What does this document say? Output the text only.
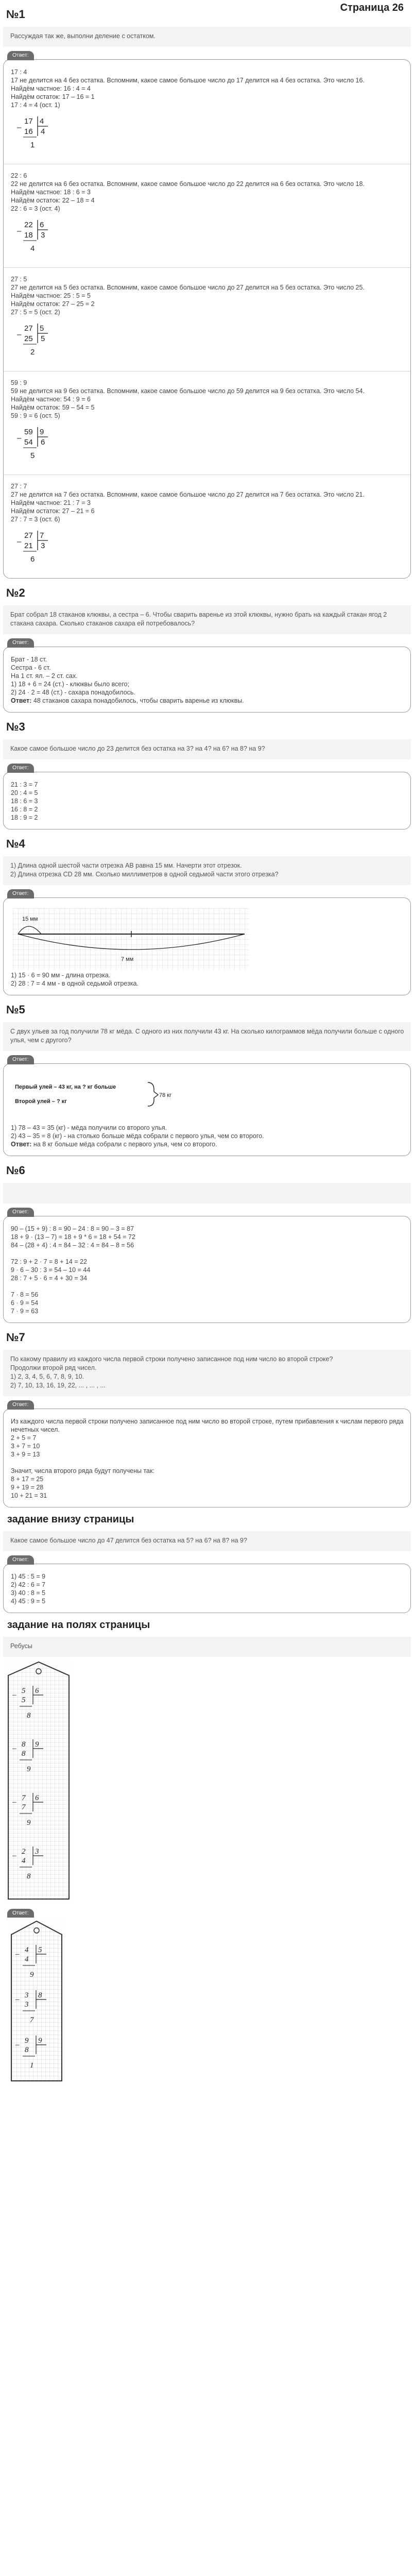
Страница 26
№1
Рассуждая так же, выполни деление с остатком.
Ответ:
17 : 4
17 не делится на 4 без остатка. Вспомним, какое самое большое число до 17 делится на 4 без остатка. Это число 16.
Найдём частное: 16 : 4 = 4
Найдём остаток: 17 – 16 = 1
17 : 4 = 4 (ост. 1)
–
17
16
4
4
1
22 : 6
22 не делится на 6 без остатка. Вспомним, какое самое большое число до 22 делится на 6 без остатка. Это число 18.
Найдём частное: 18 : 6 = 3
Найдём остаток: 22 – 18 = 4
22 : 6 = 3 (ост. 4)
–
22
18
6
3
4
27 : 5
27 не делится на 5 без остатка. Вспомним, какое самое большое число до 27 делится на 5 без остатка. Это число 25.
Найдём частное: 25 : 5 = 5
Найдём остаток: 27 – 25 = 2
27 : 5 = 5 (ост. 2)
–
27
25
5
5
2
59 : 9
59 не делится на 9 без остатка. Вспомним, какое самое большое число до 59 делится на 9 без остатка. Это число 54.
Найдём частное: 54 : 9 = 6
Найдём остаток: 59 – 54 = 5
59 : 9 = 6 (ост. 5)
–
59
54
9
6
5
27 : 7
27 не делится на 7 без остатка. Вспомним, какое самое большое число до 27 делится на 7 без остатка. Это число 21.
Найдём частное: 21 : 7 = 3
Найдём остаток: 27 – 21 = 6
27 : 7 = 3 (ост. 6)
–
27
21
7
3
6
№2
Брат собрал 18 стаканов клюквы, а сестра – 6. Чтобы сварить варенье из этой клюквы, нужно брать на каждый стакан ягод 2 стакана сахара. Сколько стаканов сахара ей потребовалось?
Ответ:
Брат - 18 ст.
Сестра - 6 ст.
На 1 ст. ял. – 2 ст. сах.
1) 18 + 6 = 24 (ст.) - клюквы было всего;
2) 24 · 2 = 48 (ст.) - сахара понадобилось.
Ответ: 48 стаканов сахара понадобилось, чтобы сварить варенье из клюквы.
№3
Какое самое большое число до 23 делится без остатка на 3? на 4? на 6? на 8? на 9?
Ответ:
21 : 3 = 7
20 : 4 = 5
18 : 6 = 3
16 : 8 = 2
18 : 9 = 2
№4
1) Длина одной шестой части отрезка АВ равна 15 мм. Начерти этот отрезок.
2) Длина отрезка CD 28 мм. Сколько миллиметров в одной седьмой части этого отрезка?
Ответ:
15 мм
7 мм
1) 15 · 6 = 90 мм - длина отрезка.
2) 28 : 7 = 4 мм - в одной седьмой отрезка.
№5
С двух ульев за год получили 78 кг мёда. С одного из них получили 43 кг. На сколько килограммов мёда получили больше с одного улья, чем с другого?
Ответ:
Первый улей – 43 кг, на ? кг больше
Второй улей – ? кг
78 кг
1) 78 – 43 = 35 (кг) - мёда получили со второго улья.
2) 43 – 35 = 8 (кг) - на столько больше мёда собрали с первого улья, чем со второго.
Ответ: на 8 кг больше мёда собрали с первого улья, чем со второго.
№6
Ответ:
90 – (15 + 9) : 8 = 90 – 24 : 8 = 90 – 3 = 87
18 + 9 · (13 – 7) = 18 + 9 * 6 = 18 + 54 = 72
84 – (28 + 4) : 4 = 84 – 32 : 4 = 84 – 8 = 56
72 : 9 + 2 · 7 = 8 + 14 = 22
9 · 6 – 30 : 3 = 54 – 10 = 44
28 : 7 + 5 · 6 = 4 + 30 = 34
7 · 8 = 56
6 · 9 = 54
7 · 9 = 63
№7
По какому правилу из каждого числа первой строки получено записанное под ним число во второй строке?
Продолжи второй ряд чисел.
1) 2, 3, 4, 5, 6, 7, 8, 9, 10.
2) 7, 10, 13, 16, 19, 22, ... , ... , ...
Ответ:
Из каждого числа первой строки получено записанное под ним число во второй строке, путем прибавления к числам первого ряда нечетных чисел.
2 + 5 = 7
3 + 7 = 10
3 + 9 = 13
Значит, числа второго ряда будут получены так:
8 + 17 = 25
9 + 19 = 28
10 + 21 = 31
задание внизу страницы
Какое самое большое число до 47 делится без остатка на 5? на 6? на 8? на 9?
Ответ:
1) 45 : 5 = 9
2) 42 : 6 = 7
3) 40 : 8 = 5
4) 45 : 9 = 5
задание на полях страницы
Ребусы
– 5
5
6
8
– 8
8
9
9
– 7
7
6
9
– 2
4
3
8
Ответ:
– 4
4
5
9
– 3
3
8
7
– 9
8
9
1
